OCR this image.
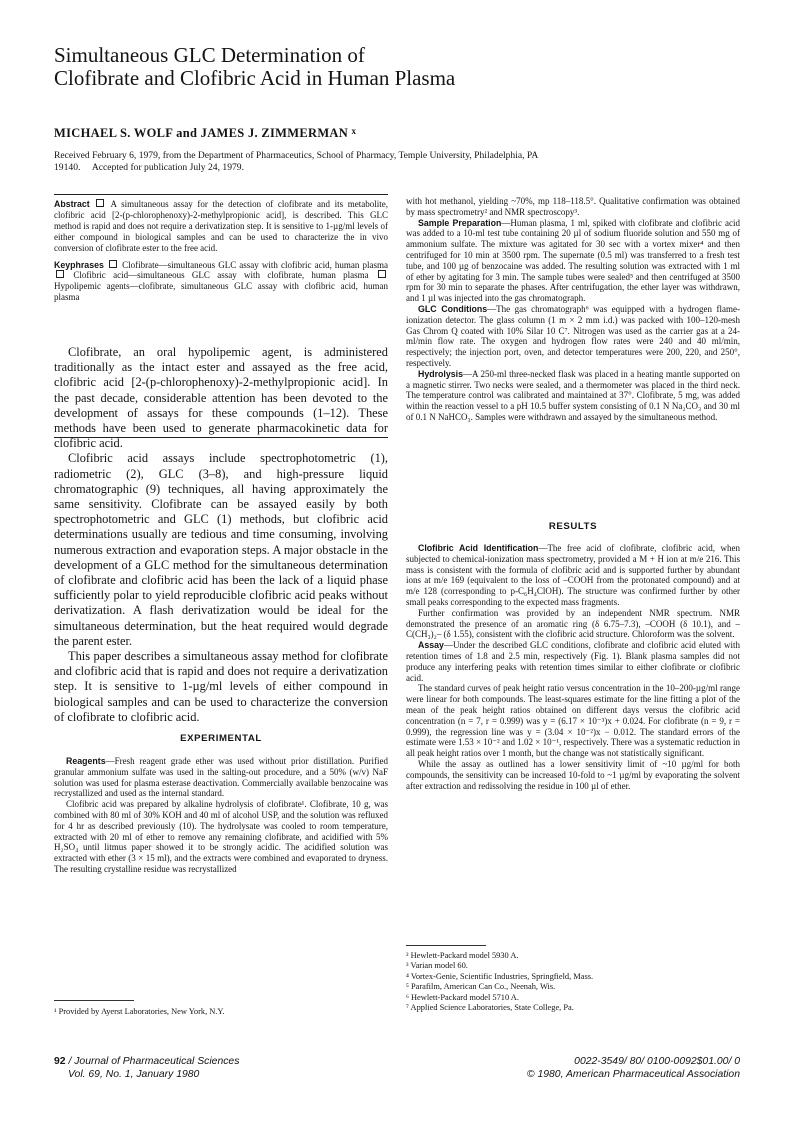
Simultaneous GLC Determination of
Clofibrate and Clofibric Acid in Human Plasma
MICHAEL S. WOLF and JAMES J. ZIMMERMAN $^x$
Received February 6, 1979, from the Department of Pharmaceutics, School of Pharmacy, Temple University, Philadelphia, PA
19140.     Accepted for publication July 24, 1979.

Abstract A simultaneous assay for the detection of clofibrate and its metabolite, clofibric acid [2-(p-chlorophenoxy)-2-methylpropionic acid], is described. This GLC method is rapid and does not require a derivatization step. It is sensitive to 1-µg/ml levels of either compound in biological samples and can be used to characterize the in vivo conversion of clofibrate ester to the free acid.

Keyphrases Clofibrate—simultaneous GLC assay with clofibric acid, human plasma  Clofibric acid—simultaneous GLC assay with clofibrate, human plasma  Hypolipemic agents—clofibrate, simultaneous GLC assay with clofibric acid, human plasma

Clofibrate, an oral hypolipemic agent, is administered traditionally as the intact ester and assayed as the free acid, clofibric acid [2-(p-chlorophenoxy)-2-methylpropionic acid]. In the past decade, considerable attention has been devoted to the development of assays for these compounds (1–12). These methods have been used to generate pharmacokinetic data for clofibric acid.

Clofibric acid assays include spectrophotometric (1), radiometric (2), GLC (3–8), and high-pressure liquid chromatographic (9) techniques, all having approximately the same sensitivity. Clofibrate can be assayed easily by both spectrophotometric and GLC (1) methods, but clofibric acid determinations usually are tedious and time consuming, involving numerous extraction and evaporation steps. A major obstacle in the development of a GLC method for the simultaneous determination of clofibrate and clofibric acid has been the lack of a liquid phase sufficiently polar to yield reproducible clofibric acid peaks without derivatization. A flash derivatization would be ideal for the simultaneous determination, but the heat required would degrade the parent ester.

This paper describes a simultaneous assay method for clofibrate and clofibric acid that is rapid and does not require a derivatization step. It is sensitive to 1-µg/ml levels of either compound in biological samples and can be used to characterize the conversion of clofibrate to clofibric acid.

EXPERIMENTAL

Reagents—Fresh reagent grade ether was used without prior distillation. Purified granular ammonium sulfate was used in the salting-out procedure, and a 50% (w/v) NaF solution was used for plasma esterase deactivation. Commercially available benzocaine was recrystallized and used as the internal standard.

Clofibric acid was prepared by alkaline hydrolysis of clofibrate¹. Clofibrate, 10 g, was combined with 80 ml of 30% KOH and 40 ml of alcohol USP, and the solution was refluxed for 4 hr as described previously (10). The hydrolysate was cooled to room temperature, extracted with 20 ml of ether to remove any remaining clofibrate, and acidified with 5% H₂SO₄ until litmus paper showed it to be strongly acidic. The acidified solution was extracted with ether (3 × 15 ml), and the extracts were combined and evaporated to dryness. The resulting crystalline residue was recrystallized

¹ Provided by Ayerst Laboratories, New York, N.Y.

with hot methanol, yielding ~70%, mp 118–118.5°. Qualitative confirmation was obtained by mass spectrometry² and NMR spectroscopy³.

Sample Preparation—Human plasma, 1 ml, spiked with clofibrate and clofibric acid was added to a 10-ml test tube containing 20 µl of sodium fluoride solution and 550 mg of ammonium sulfate. The mixture was agitated for 30 sec with a vortex mixer⁴ and then centrifuged for 10 min at 3500 rpm. The supernate (0.5 ml) was transferred to a fresh test tube, and 100 µg of benzocaine was added. The resulting solution was extracted with 1 ml of ether by agitating for 3 min. The sample tubes were sealed⁵ and then centrifuged at 3500 rpm for 30 min to separate the phases. After centrifugation, the ether layer was withdrawn, and 1 µl was injected into the gas chromatograph.

GLC Conditions—The gas chromatograph⁶ was equipped with a hydrogen flame-ionization detector. The glass column (1 m × 2 mm i.d.) was packed with 100–120-mesh Gas Chrom Q coated with 10% Silar 10 C⁷. Nitrogen was used as the carrier gas at a 24-ml/min flow rate. The oxygen and hydrogen flow rates were 240 and 40 ml/min, respectively; the injection port, oven, and detector temperatures were 200, 220, and 250°, respectively.

Hydrolysis—A 250-ml three-necked flask was placed in a heating mantle supported on a magnetic stirrer. Two necks were sealed, and a thermometer was placed in the third neck. The temperature control was calibrated and maintained at 37°. Clofibrate, 5 mg, was added within the reaction vessel to a pH 10.5 buffer system consisting of 0.1 N Na₂CO₃ and 30 ml of 0.1 N NaHCO₃. Samples were withdrawn and assayed by the simultaneous method.

RESULTS

Clofibric Acid Identification—The free acid of clofibrate, clofibric acid, when subjected to chemical-ionization mass spectrometry, provided a M + H ion at m/e 216. This mass is consistent with the formula of clofibric acid and is supported further by abundant ions at m/e 169 (equivalent to the loss of –COOH from the protonated compound) and at m/e 128 (corresponding to p-C₆H₄ClOH). The structure was confirmed further by other small peaks corresponding to the expected mass fragments.

Further confirmation was provided by an independent NMR spectrum. NMR demonstrated the presence of an aromatic ring (δ 6.75–7.3), –COOH (δ 10.1), and –C(CH₃)₂– (δ 1.55), consistent with the clofibric acid structure. Chloroform was the solvent.

Assay—Under the described GLC conditions, clofibrate and clofibric acid eluted with retention times of 1.8 and 2.5 min, respectively (Fig. 1). Blank plasma samples did not produce any interfering peaks with retention times similar to either clofibrate or clofibric acid.

The standard curves of peak height ratio versus concentration in the 10–200-µg/ml range were linear for both compounds. The least-squares estimate for the line fitting a plot of the mean of the peak height ratios obtained on different days versus the clofibric acid concentration (n = 7, r = 0.999) was y = (6.17 × 10⁻³)x + 0.024. For clofibrate (n = 9, r = 0.999), the regression line was y = (3.04 × 10⁻²)x − 0.012. The standard errors of the estimate were 1.53 × 10⁻² and 1.02 × 10⁻¹, respectively. There was a systematic reduction in all peak height ratios over 1 month, but the change was not statistically significant.

While the assay as outlined has a lower sensitivity limit of ~10 µg/ml for both compounds, the sensitivity can be increased 10-fold to ~1 µg/ml by evaporating the solvent after extraction and redissolving the residue in 100 µl of ether.

² Hewlett-Packard model 5930 A.
³ Varian model 60.
⁴ Vortex-Genie, Scientific Industries, Springfield, Mass.
⁵ Parafilm, American Can Co., Neenah, Wis.
⁶ Hewlett-Packard model 5710 A.
⁷ Applied Science Laboratories, State College, Pa.
92 / Journal of Pharmaceutical Sciences
Vol. 69, No. 1, January 1980
0022-3549/ 80/ 0100-0092$01.00/ 0
© 1980, American Pharmaceutical Association
